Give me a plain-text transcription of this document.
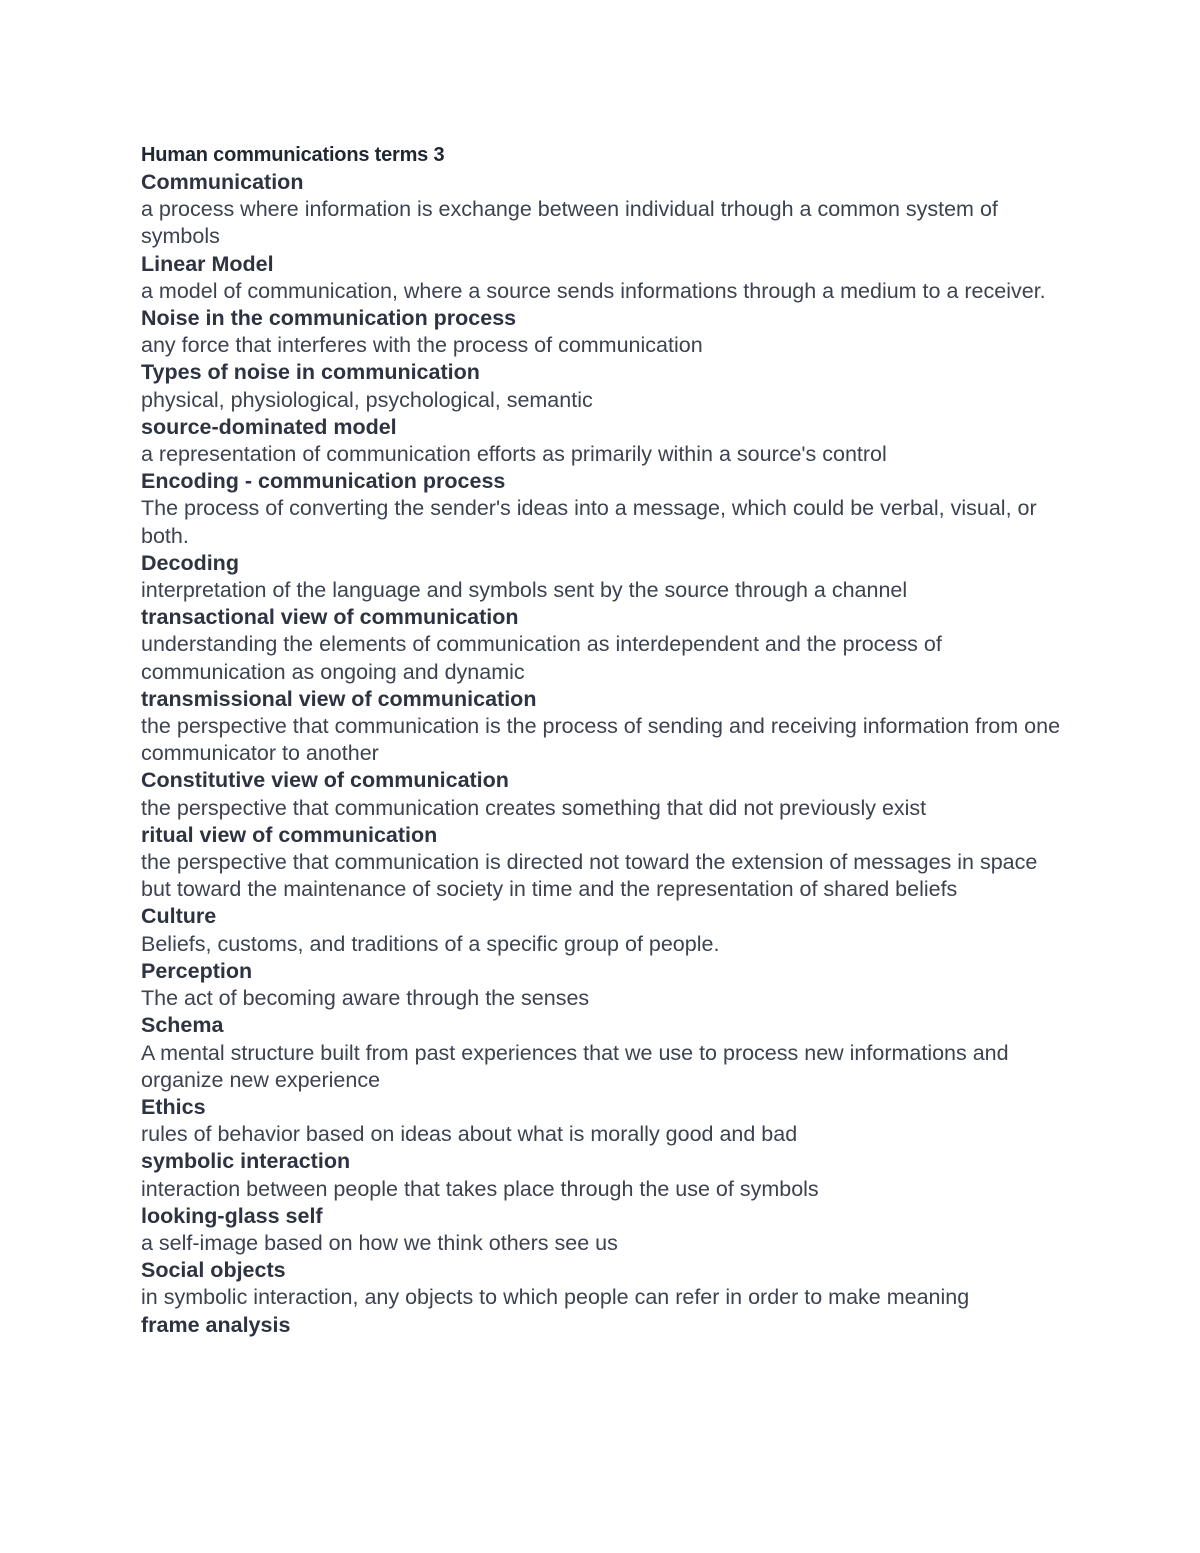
Human communications terms 3

Communication

a process where information is exchange between individual trhough a common system of symbols

Linear Model

a model of communication, where a source sends informations through a medium to a receiver.

Noise in the communication process

any force that interferes with the process of communication

Types of noise in communication

physical, physiological, psychological, semantic

source-dominated model

a representation of communication efforts as primarily within a source's control

Encoding - communication process

The process of converting the sender's ideas into a message, which could be verbal, visual, or both.

Decoding

interpretation of the language and symbols sent by the source through a channel

transactional view of communication

understanding the elements of communication as interdependent and the process of communication as ongoing and dynamic

transmissional view of communication

the perspective that communication is the process of sending and receiving information from one communicator to another

Constitutive view of communication

the perspective that communication creates something that did not previously exist

ritual view of communication

the perspective that communication is directed not toward the extension of messages in space but toward the maintenance of society in time and the representation of shared beliefs

Culture

Beliefs, customs, and traditions of a specific group of people.

Perception

The act of becoming aware through the senses

Schema

A mental structure built from past experiences that we use to process new informations and organize new experience

Ethics

rules of behavior based on ideas about what is morally good and bad

symbolic interaction

interaction between people that takes place through the use of symbols

looking-glass self

a self-image based on how we think others see us

Social objects

in symbolic interaction, any objects to which people can refer in order to make meaning

frame analysis
